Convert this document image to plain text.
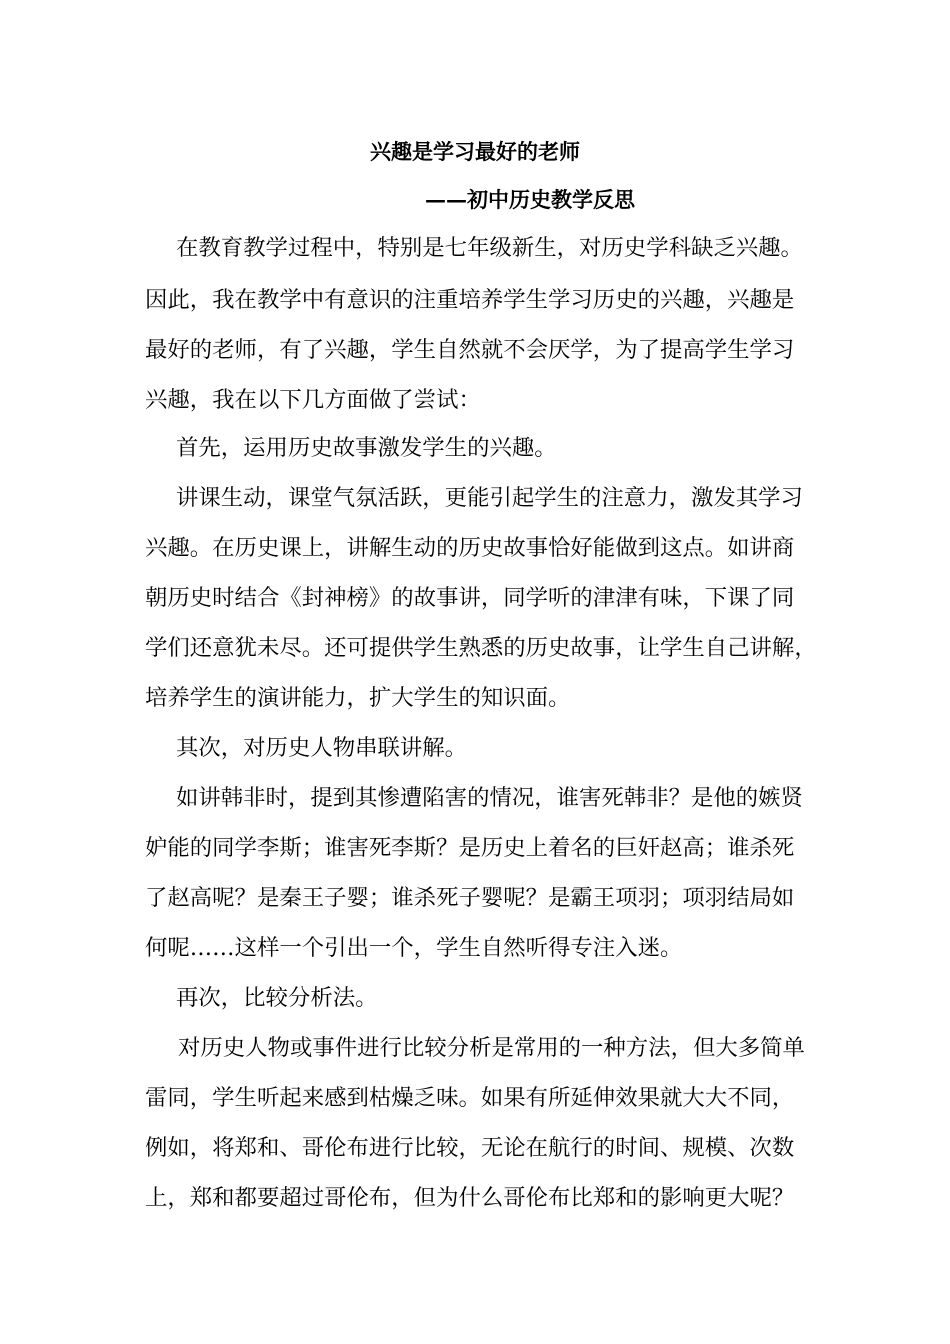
兴趣是学习最好的老师
——初中历史教学反思
在教育教学过程中，特别是七年级新生，对历史学科缺乏兴趣。
因此，我在教学中有意识的注重培养学生学习历史的兴趣，兴趣是
最好的老师，有了兴趣，学生自然就不会厌学，为了提高学生学习
兴趣，我在以下几方面做了尝试：
首先，运用历史故事激发学生的兴趣。
讲课生动，课堂气氛活跃，更能引起学生的注意力，激发其学习
兴趣。在历史课上，讲解生动的历史故事恰好能做到这点。如讲商
朝历史时结合《封神榜》的故事讲，同学听的津津有味，下课了同
学们还意犹未尽。还可提供学生熟悉的历史故事，让学生自己讲解，
培养学生的演讲能力，扩大学生的知识面。
其次，对历史人物串联讲解。
如讲韩非时，提到其惨遭陷害的情况，谁害死韩非？是他的嫉贤
妒能的同学李斯；谁害死李斯？是历史上着名的巨奸赵高；谁杀死
了赵高呢？是秦王子婴；谁杀死子婴呢？是霸王项羽；项羽结局如
何呢……这样一个引出一个，学生自然听得专注入迷。
再次，比较分析法。
对历史人物或事件进行比较分析是常用的一种方法，但大多简单
雷同，学生听起来感到枯燥乏味。如果有所延伸效果就大大不同，
例如，将郑和、哥伦布进行比较，无论在航行的时间、规模、次数
上，郑和都要超过哥伦布，但为什么哥伦布比郑和的影响更大呢？
